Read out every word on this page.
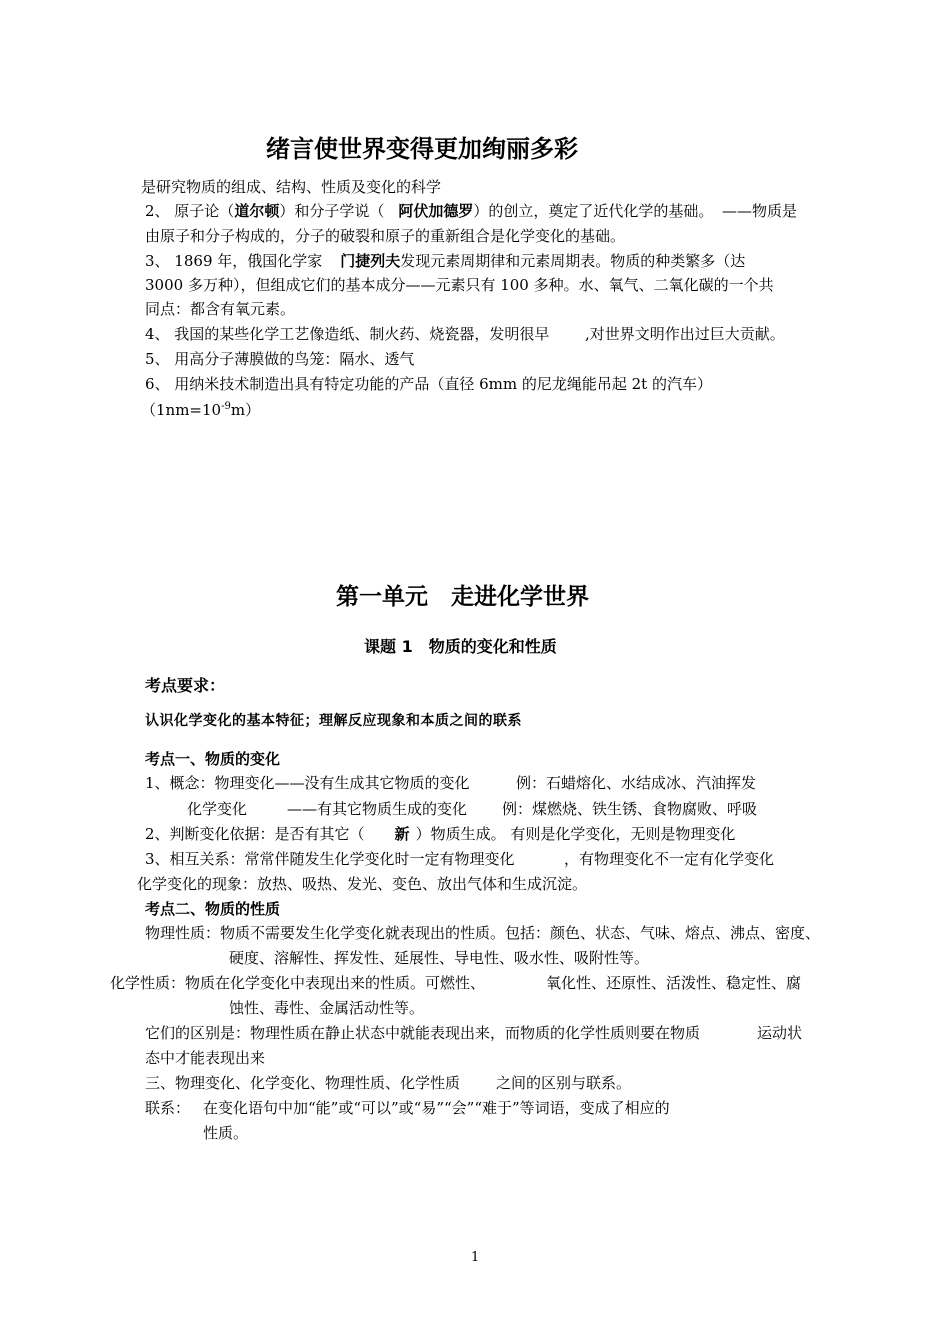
绪言使世界变得更加绚丽多彩
是研究物质的组成、结构、性质及变化的科学
2、 原子论（道尔顿）和分子学说（ 阿伏加德罗）的创立，奠定了近代化学的基础。 ——物质是
由原子和分子构成的，分子的破裂和原子的重新组合是化学变化的基础。
3、 1869 年，俄国化学家 门捷列夫发现元素周期律和元素周期表。物质的种类繁多（达
3000 多万种），但组成它们的基本成分——元素只有 100 多种。水、氧气、二氧化碳的一个共
同点：都含有氧元素。
4、 我国的某些化学工艺像造纸、制火药、烧瓷器，发明很早 ,对世界文明作出过巨大贡献。
5、 用高分子薄膜做的鸟笼：隔水、透气
6、 用纳米技术制造出具有特定功能的产品（直径 6mm 的尼龙绳能吊起 2t 的汽车）
$(1nm=10^{-9}m)$
第一单元　走进化学世界
课题 1　物质的变化和性质
考点要求：
认识化学变化的基本特征；理解反应现象和本质之间的联系
考点一、物质的变化
1、概念：物理变化——没有生成其它物质的变化	例：石蜡熔化、水结成冰、汽油挥发
化学变化	——有其它物质生成的变化 例：煤燃烧、铁生锈、食物腐败、呼吸
2、判断变化依据：是否有其它（ 新 ）物质生成。 有则是化学变化，无则是物理变化
3、相互关系：常常伴随发生化学变化时一定有物理变化	，有物理变化不一定有化学变化
化学变化的现象：放热、吸热、发光、变色、放出气体和生成沉淀。
考点二、物质的性质
物理性质：物质不需要发生化学变化就表现出的性质。包括：颜色、状态、气味、熔点、沸点、密度、
硬度、溶解性、挥发性、延展性、导电性、吸水性、吸附性等。
化学性质：物质在化学变化中表现出来的性质。可燃性、	氧化性、还原性、活泼性、稳定性、腐
蚀性、毒性、金属活动性等。
它们的区别是：物理性质在静止状态中就能表现出来，而物质的化学性质则要在物质	运动状
态中才能表现出来
三、物理变化、化学变化、物理性质、化学性质 之间的区别与联系。
联系： 在变化语句中加“能”或“可以”或“易”“会”“难于”等词语，变成了相应的
性质。
1
